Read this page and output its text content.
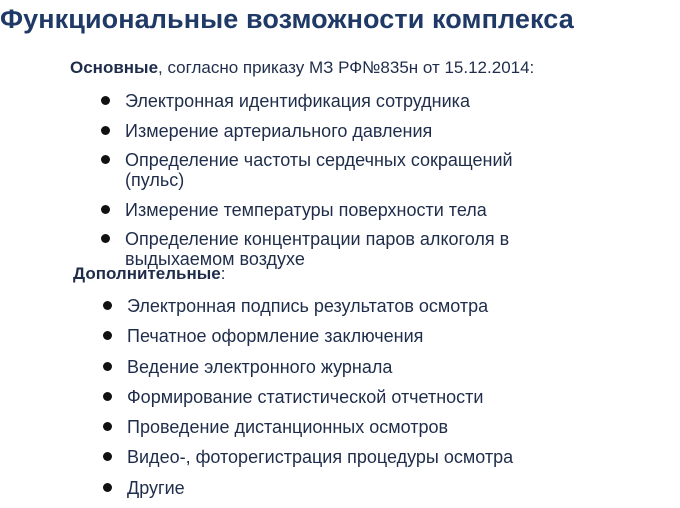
Функциональные возможности комплекса
Основные, согласно приказу МЗ РФ№835н от 15.12.2014:
Электронная идентификация сотрудника
Измерение артериального давления
Определение частоты сердечных сокращений (пульс)
Измерение температуры поверхности тела
Определение концентрации паров алкоголя в выдыхаемом воздухе
Дополнительные:
Электронная подпись результатов осмотра
Печатное оформление заключения
Ведение электронного журнала
Формирование статистической отчетности
Проведение дистанционных осмотров
Видео-, фоторегистрация процедуры осмотра
Другие
